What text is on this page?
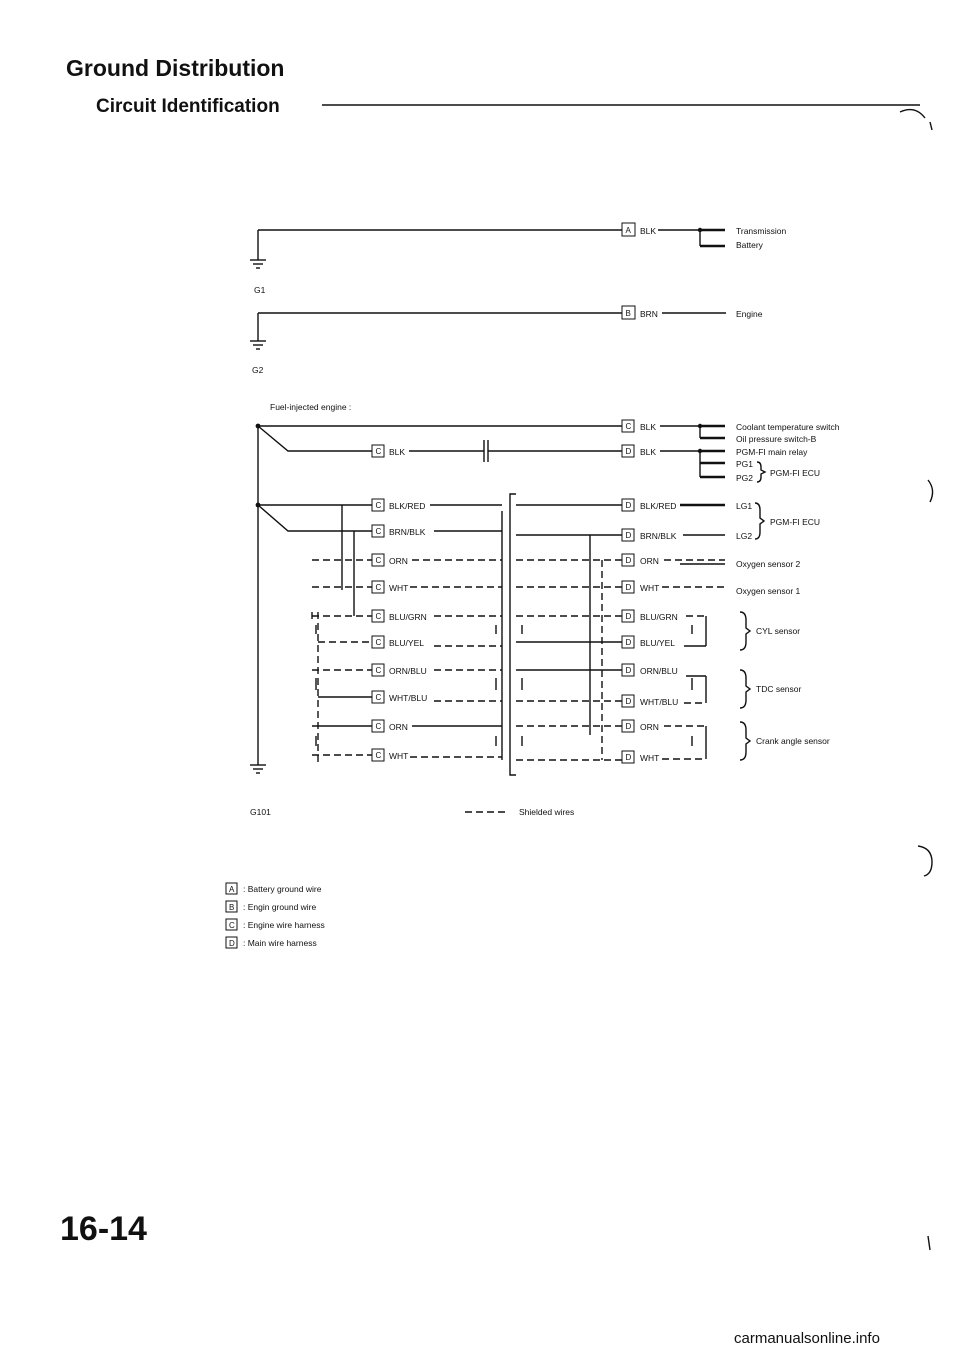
Ground Distribution
Circuit Identification
G1
A BLK	Transmission
Battery
G2
B BRN	Engine
Fuel-injected engine :
G101
C BLK
C BLK/RED
C BRN/BLK
C ORN
C WHT
C BLU/GRN
C BLU/YEL
C ORN/BLU
C WHT/BLU
C ORN
C WHT
C BLK
D BLK
D BLK/RED
D BRN/BLK
D ORN
D WHT
D BLU/GRN
D BLU/YEL
D ORN/BLU
D WHT/BLU
D ORN
D WHT
Coolant temperature switch
Oil pressure switch-B
PGM-FI main relay
PG1
PG2 PGM-FI ECU
LG1
LG2
PGM-FI ECU
Oxygen sensor 2
Oxygen sensor 1
CYL sensor
TDC sensor
Crank angle sensor
Shielded wires
A : Battery ground wire
B : Engin ground wire
C : Engine wire harness
D : Main wire harness
16-14
carmanualsonline.info
